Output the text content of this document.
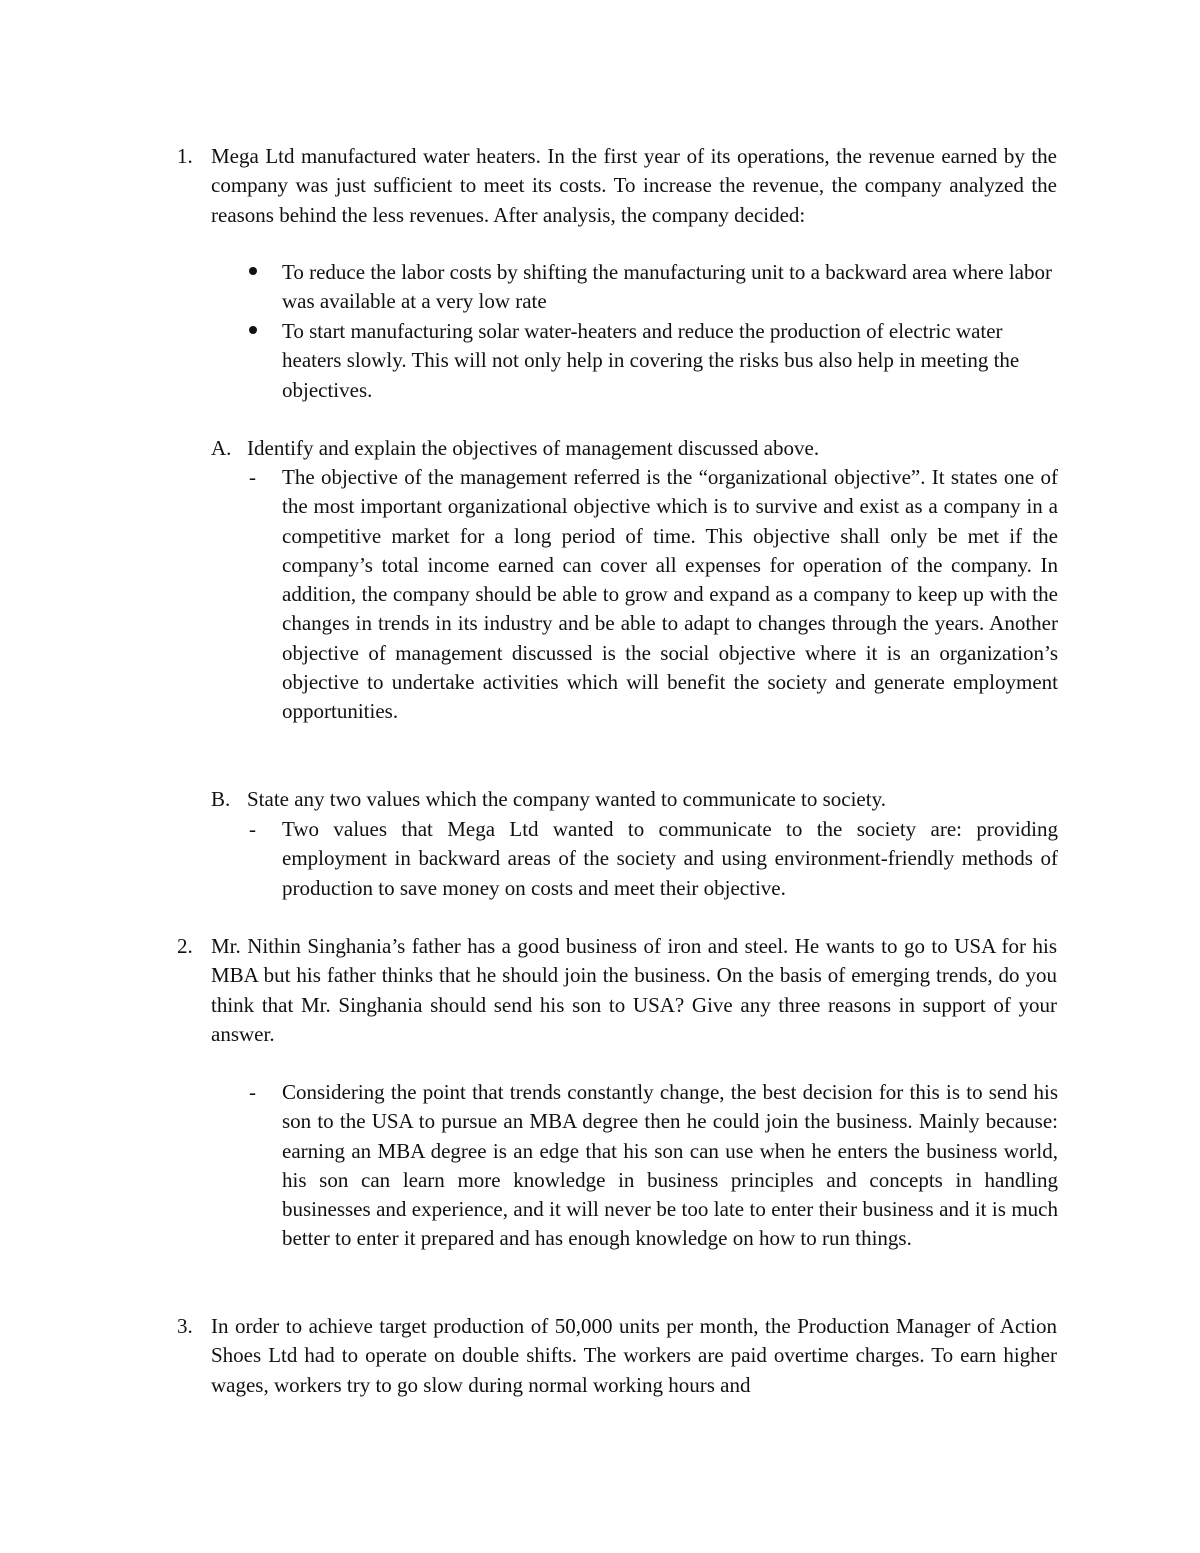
1. Mega Ltd manufactured water heaters. In the first year of its operations, the revenue earned by the company was just sufficient to meet its costs. To increase the revenue, the company analyzed the reasons behind the less revenues. After analysis, the company decided:

To reduce the labor costs by shifting the manufacturing unit to a backward area where labor was available at a very low rate

To start manufacturing solar water-heaters and reduce the production of electric water heaters slowly. This will not only help in covering the risks bus also help in meeting the objectives.

A. Identify and explain the objectives of management discussed above.

- The objective of the management referred is the “organizational objective”. It states one of the most important organizational objective which is to survive and exist as a company in a competitive market for a long period of time. This objective shall only be met if the company’s total income earned can cover all expenses for operation of the company. In addition, the company should be able to grow and expand as a company to keep up with the changes in trends in its industry and be able to adapt to changes through the years. Another objective of management discussed is the social objective where it is an organization’s objective to undertake activities which will benefit the society and generate employment opportunities.

B. State any two values which the company wanted to communicate to society.

- Two values that Mega Ltd wanted to communicate to the society are: providing employment in backward areas of the society and using environment-friendly methods of production to save money on costs and meet their objective.

2. Mr. Nithin Singhania’s father has a good business of iron and steel. He wants to go to USA for his MBA but his father thinks that he should join the business. On the basis of emerging trends, do you think that Mr. Singhania should send his son to USA? Give any three reasons in support of your answer.

- Considering the point that trends constantly change, the best decision for this is to send his son to the USA to pursue an MBA degree then he could join the business. Mainly because: earning an MBA degree is an edge that his son can use when he enters the business world, his son can learn more knowledge in business principles and concepts in handling businesses and experience, and it will never be too late to enter their business and it is much better to enter it prepared and has enough knowledge on how to run things.

3. In order to achieve target production of 50,000 units per month, the Production Manager of Action Shoes Ltd had to operate on double shifts. The workers are paid overtime charges. To earn higher wages, workers try to go slow during normal working hours and
